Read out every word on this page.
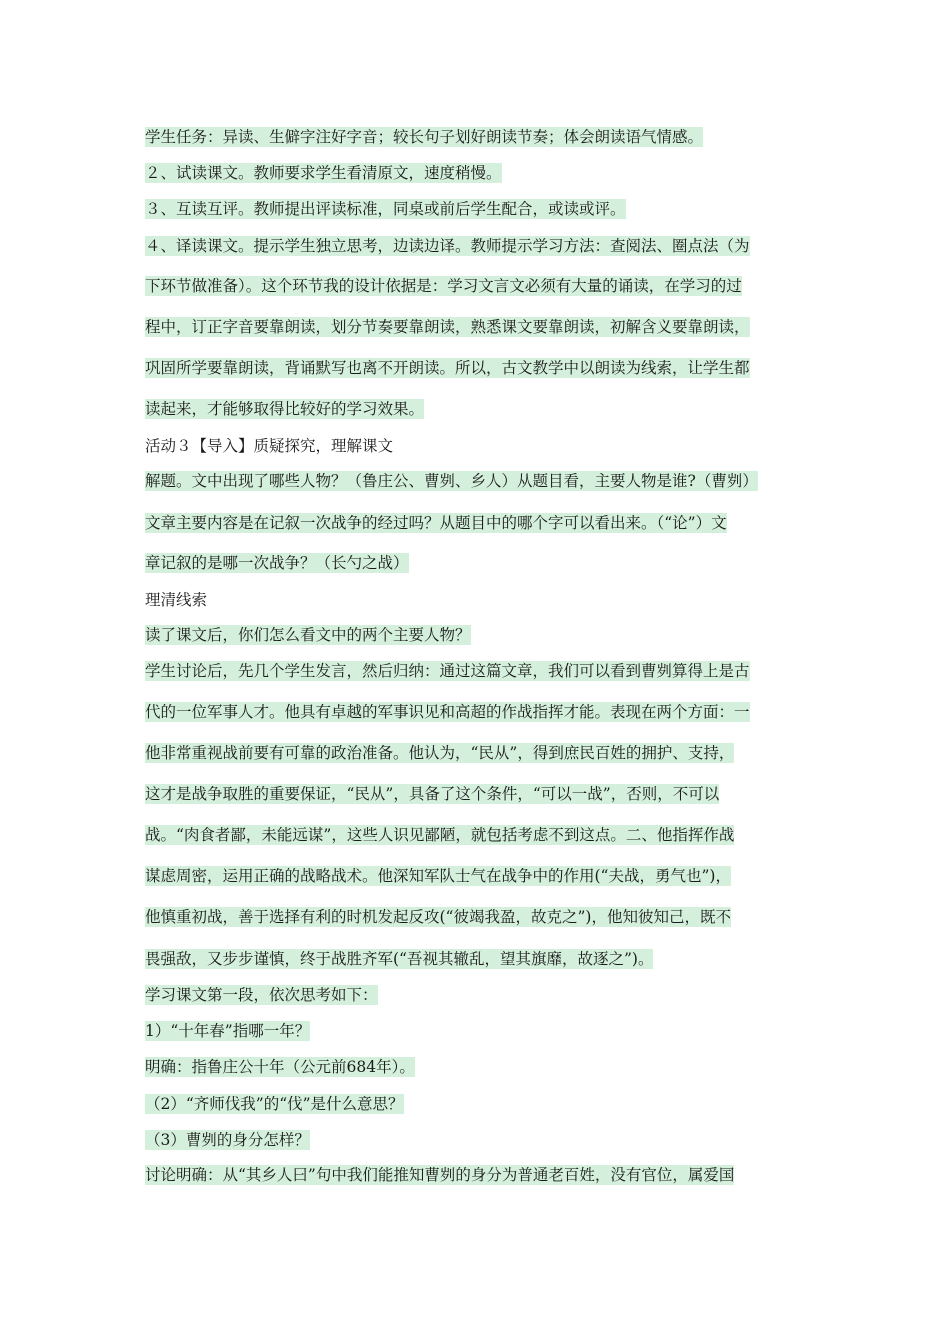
学生任务：异读、生僻字注好字音；较长句子划好朗读节奏；体会朗读语气情感。
２、试读课文。教师要求学生看清原文，速度稍慢。
３、互读互评。教师提出评读标准，同桌或前后学生配合，或读或评。
４、译读课文。提示学生独立思考，边读边译。教师提示学习方法：查阅法、圈点法（为
下环节做准备）。这个环节我的设计依据是：学习文言文必须有大量的诵读，在学习的过
程中，订正字音要靠朗读，划分节奏要靠朗读，熟悉课文要靠朗读，初解含义要靠朗读，
巩固所学要靠朗读，背诵默写也离不开朗读。所以，古文教学中以朗读为线索，让学生都
读起来，才能够取得比较好的学习效果。
活动３【导入】质疑探究，理解课文
解题。文中出现了哪些人物？（鲁庄公、曹刿、乡人）从题目看，主要人物是谁?（曹刿）
文章主要内容是在记叙一次战争的经过吗？从题目中的哪个字可以看出来。（“论”）文
章记叙的是哪一次战争？（长勺之战）
理清线索
读了课文后，你们怎么看文中的两个主要人物？
学生讨论后，先几个学生发言，然后归纳：通过这篇文章，我们可以看到曹刿算得上是古
代的一位军事人才。他具有卓越的军事识见和高超的作战指挥才能。表现在两个方面：一
他非常重视战前要有可靠的政治准备。他认为，“民从”，得到庶民百姓的拥护、支持，
这才是战争取胜的重要保证，“民从”，具备了这个条件，“可以一战”，否则，不可以
战。“肉食者鄙，未能远谋”，这些人识见鄙陋，就包括考虑不到这点。二、他指挥作战
谋虑周密，运用正确的战略战术。他深知军队士气在战争中的作用(“夫战，勇气也”)，
他慎重初战，善于选择有利的时机发起反攻(“彼竭我盈，故克之”)，他知彼知己，既不
畏强敌，又步步谨慎，终于战胜齐军(“吾视其辙乱，望其旗靡，故逐之”)。
学习课文第一段，依次思考如下：
1）“十年春”指哪一年？
明确：指鲁庄公十年（公元前684年）。
（2）“齐师伐我”的“伐”是什么意思？
（3）曹刿的身分怎样？
讨论明确：从“其乡人曰”句中我们能推知曹刿的身分为普通老百姓，没有官位，属爱国
